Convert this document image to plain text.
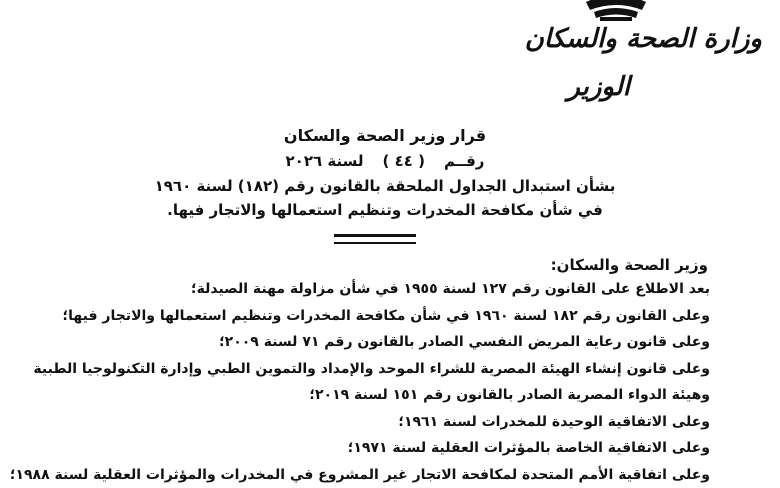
وزارة الصحة والسكان
الوزير
قرار وزير الصحة والسكان
رقــم ( ٤٤ ) لسنة ٢٠٢٦
بشأن استبدال الجداول الملحقة بالقانون رقم (١٨٢) لسنة ١٩٦٠
في شأن مكافحة المخدرات وتنظيم استعمالها والاتجار فيها.
وزير الصحة والسكان:
بعد الاطلاع على القانون رقم ١٢٧ لسنة ١٩٥٥ في شأن مزاولة مهنة الصيدلة؛
وعلى القانون رقم ١٨٢ لسنة ١٩٦٠ في شأن مكافحة المخدرات وتنظيم استعمالها والاتجار فيها؛
وعلى قانون رعاية المريض النفسي الصادر بالقانون رقم ٧١ لسنة ٢٠٠٩؛
وعلى قانون إنشاء الهيئة المصرية للشراء الموحد والإمداد والتموين الطبي وإدارة التكنولوجيا الطبية
وهيئة الدواء المصرية الصادر بالقانون رقم ١٥١ لسنة ٢٠١٩؛
وعلى الاتفاقية الوحيدة للمخدرات لسنة ١٩٦١؛
وعلى الاتفاقية الخاصة بالمؤثرات العقلية لسنة ١٩٧١؛
وعلى اتفاقية الأمم المتحدة لمكافحة الاتجار غير المشروع في المخدرات والمؤثرات العقلية لسنة ١٩٨٨؛
